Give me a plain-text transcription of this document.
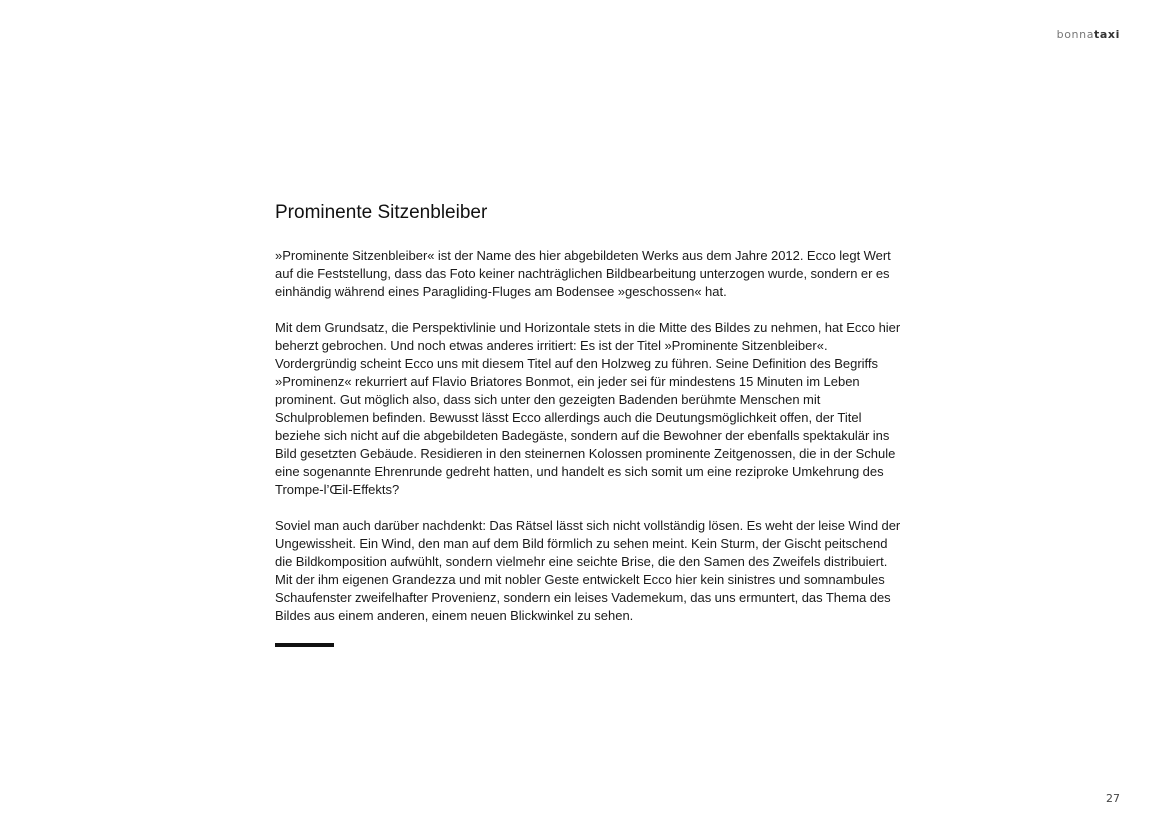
bonnataxi
Prominente Sitzenbleiber

»Prominente Sitzenbleiber« ist der Name des hier abgebildeten Werks aus dem Jahre 2012. Ecco legt Wert auf die Feststellung, dass das Foto keiner nachträglichen Bildbearbeitung unterzogen wurde, sondern er es einhändig während eines Paragliding-Fluges am Bodensee »geschossen« hat.

Mit dem Grundsatz, die Perspektivlinie und Horizontale stets in die Mitte des Bildes zu nehmen, hat Ecco hier beherzt gebrochen. Und noch etwas anderes irritiert: Es ist der Titel »Prominente Sitzenbleiber«. Vordergründig scheint Ecco uns mit diesem Titel auf den Holzweg zu führen. Seine Definition des Begriffs »Prominenz« rekurriert auf Flavio Briatores Bonmot, ein jeder sei für mindestens 15 Minuten im Leben prominent. Gut möglich also, dass sich unter den gezeigten Badenden berühmte Menschen mit Schulproblemen befinden. Bewusst lässt Ecco allerdings auch die Deutungsmöglichkeit offen, der Titel beziehe sich nicht auf die abgebildeten Badegäste, sondern auf die Bewohner der ebenfalls spektakulär ins Bild gesetzten Gebäude. Residieren in den steinernen Kolossen prominente Zeitgenossen, die in der Schule eine sogenannte Ehrenrunde gedreht hatten, und handelt es sich somit um eine reziproke Umkehrung des Trompe-l’Œil-Effekts?

Soviel man auch darüber nachdenkt: Das Rätsel lässt sich nicht vollständig lösen. Es weht der leise Wind der Ungewissheit. Ein Wind, den man auf dem Bild förmlich zu sehen meint. Kein Sturm, der Gischt peitschend die Bildkomposition aufwühlt, sondern vielmehr eine seichte Brise, die den Samen des Zweifels distribuiert. Mit der ihm eigenen Grandezza und mit nobler Geste entwickelt Ecco hier kein sinistres und somnambules Schaufenster zweifelhafter Provenienz, sondern ein leises Vademekum, das uns ermuntert, das Thema des Bildes aus einem anderen, einem neuen Blickwinkel zu sehen.

27
